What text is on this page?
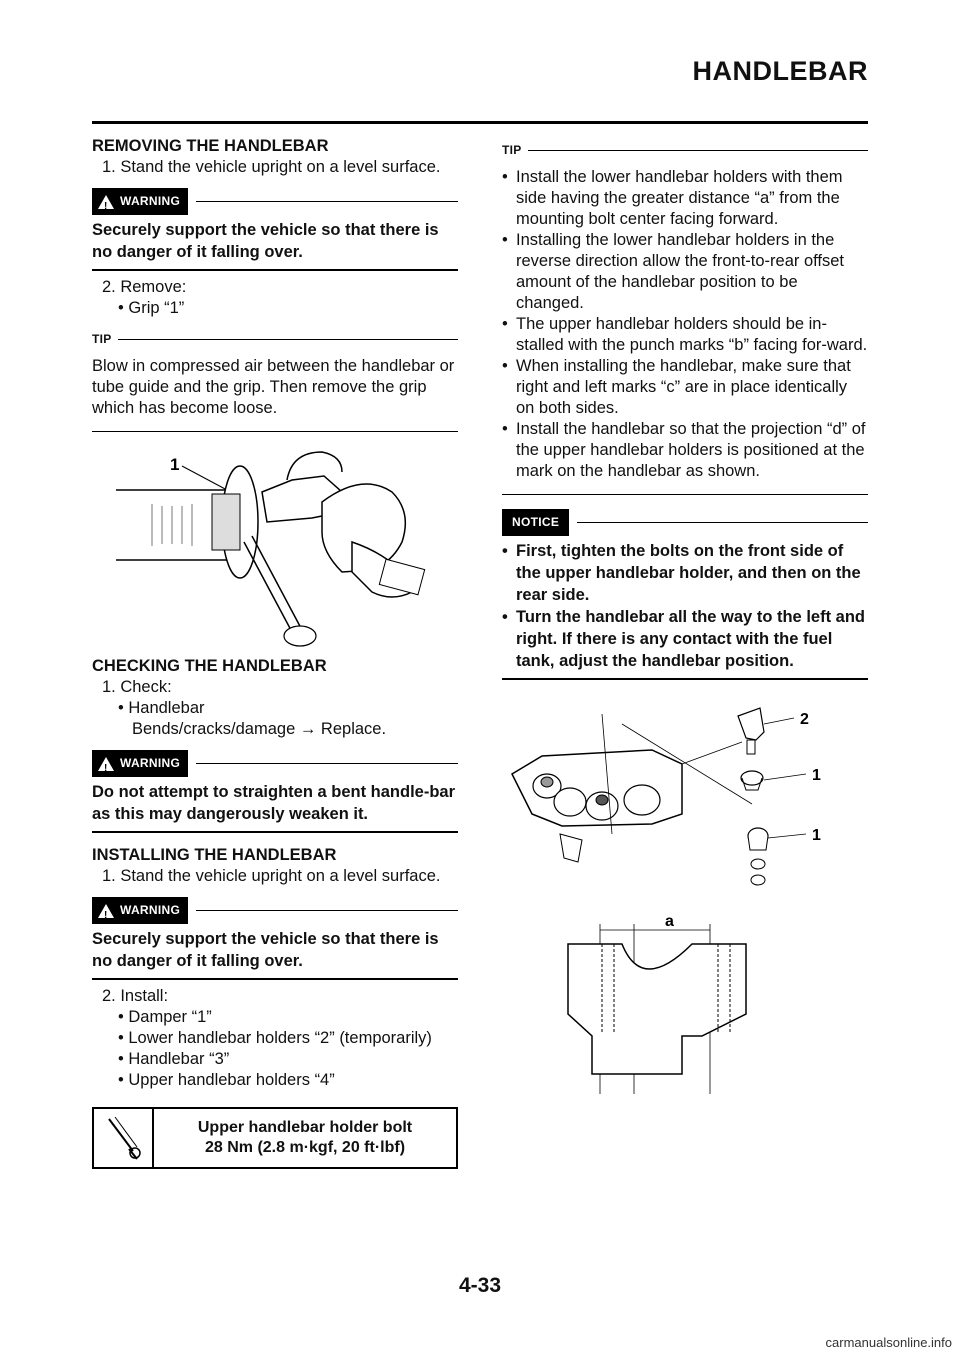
HANDLEBAR
REMOVING THE HANDLEBAR
1. Stand the vehicle upright on a level surface.
!
WARNING
Securely support the vehicle so that there is no danger of it falling over.
2. Remove:
• Grip “1”
TIP
Blow in compressed air between the handlebar or tube guide and the grip. Then remove the grip which has become loose.
1
CHECKING THE HANDLEBAR
1. Check:
• Handlebar
Bends/cracks/damage → Replace.
!
WARNING
Do not attempt to straighten a bent handle-bar as this may dangerously weaken it.
INSTALLING THE HANDLEBAR
1. Stand the vehicle upright on a level surface.
!
WARNING
Securely support the vehicle so that there is no danger of it falling over.
2. Install:
• Damper “1”
• Lower handlebar holders “2” (temporarily)
• Handlebar “3”
• Upper handlebar holders “4”
Upper handlebar holder bolt
28 Nm (2.8 m·kgf, 20 ft·lbf)
TIP
• Install the lower handlebar holders with them side having the greater distance “a” from the mounting bolt center facing forward.
• Installing the lower handlebar holders in the reverse direction allow the front-to-rear offset amount of the handlebar position to be changed.
• The upper handlebar holders should be in-stalled with the punch marks “b” facing for-ward.
• When installing the handlebar, make sure that right and left marks “c” are in place identically on both sides.
• Install the handlebar so that the projection “d” of the upper handlebar holders is positioned at the mark on the handlebar as shown.
NOTICE
• First, tighten the bolts on the front side of the upper handlebar holder, and then on the rear side.
• Turn the handlebar all the way to the left and right. If there is any contact with the fuel tank, adjust the handlebar position.
2
1
1
a
4-33
carmanualsonline.info
